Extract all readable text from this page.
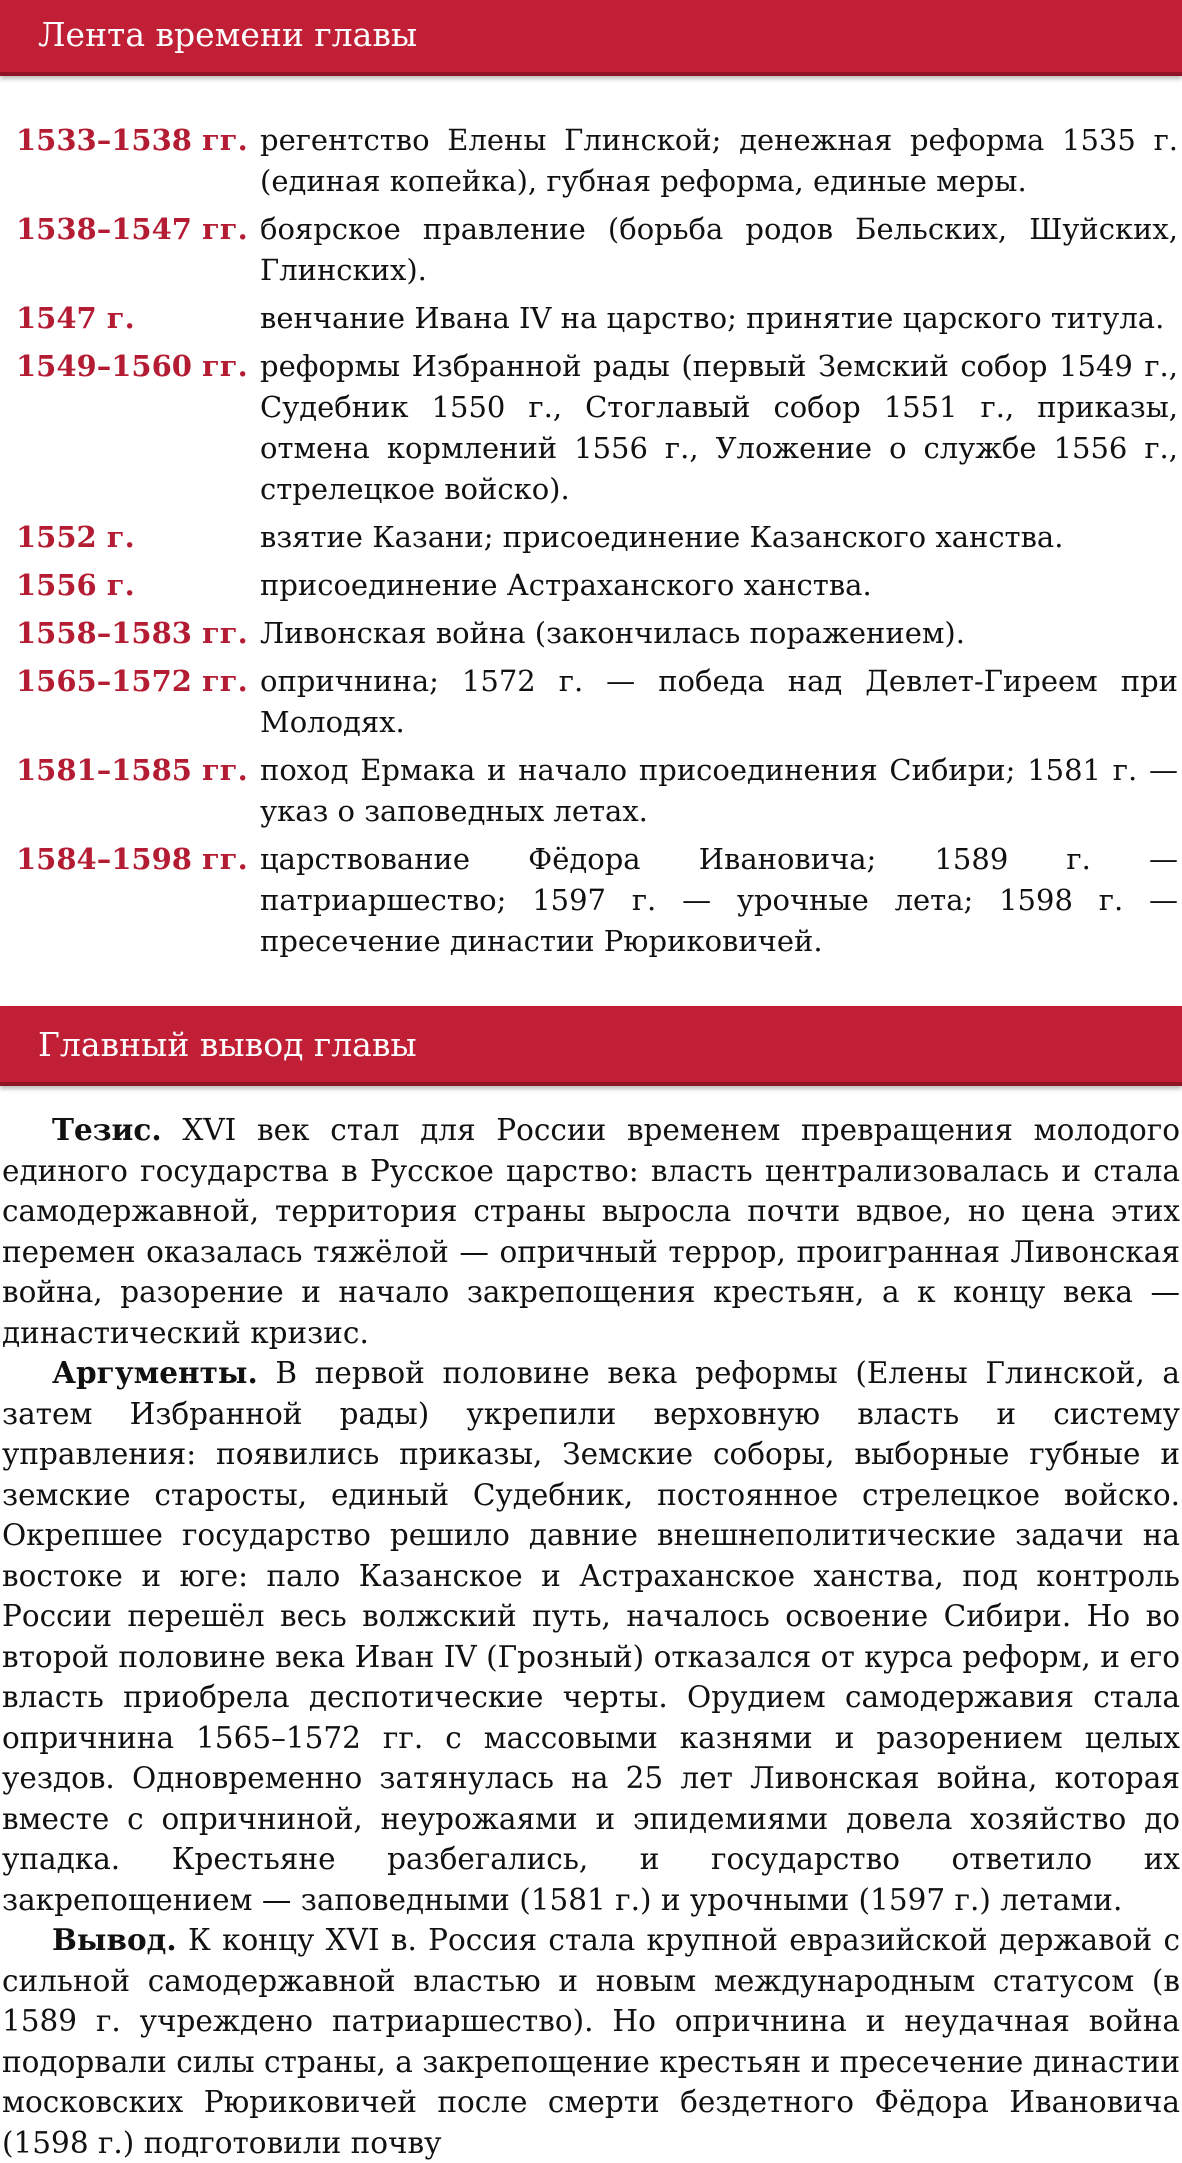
Лента времени главы
1533–1538 гг. регентство Елены Глинской; денежная реформа 1535 г. (единая копейка), губная реформа, единые меры.
1538–1547 гг. боярское правление (борьба родов Бельских, Шуйских, Глинских).
1547 г.	венчание Ивана IV на царство; принятие царского титула.
1549–1560 гг. реформы Избранной рады (первый Земский собор 1549 г., Судебник 1550 г., Стоглавый собор 1551 г., приказы, отмена кормлений 1556 г., Уложение о службе 1556 г., стрелецкое войско).
1552 г.	взятие Казани; присоединение Казанского ханства.
1556 г.	присоединение Астраханского ханства.
1558–1583 гг. Ливонская война (закончилась поражением).
1565–1572 гг. опричнина; 1572 г. — победа над Девлет-Гиреем при Молодях.
1581–1585 гг. поход Ермака и начало присоединения Сибири; 1581 г. — указ о заповедных летах.
1584–1598 гг. царствование Фёдора Ивановича; 1589 г. — патриаршество; 1597 г. — урочные лета; 1598 г. — пресечение династии Рюриковичей.
Главный вывод главы

Тезис. XVI век стал для России временем превращения молодого единого государства в Русское царство: власть централизовалась и стала самодержавной, территория страны выросла почти вдвое, но цена этих перемен оказалась тяжёлой — опричный террор, проигранная Ливонская война, разорение и начало закрепощения крестьян, а к концу века — династический кризис.

Аргументы. В первой половине века реформы (Елены Глинской, а затем Избранной рады) укрепили верховную власть и систему управления: появились приказы, Земские соборы, выборные губные и земские старосты, единый Судебник, постоянное стрелецкое войско. Окрепшее государство решило давние внешнеполитические задачи на востоке и юге: пало Казанское и Астраханское ханства, под контроль России перешёл весь волжский путь, началось освоение Сибири. Но во второй половине века Иван IV (Грозный) отказался от курса реформ, и его власть приобрела деспотические черты. Орудием самодержавия стала опричнина 1565–1572 гг. с массовыми казнями и разорением целых уездов. Одновременно затянулась на 25 лет Ливонская война, которая вместе с опричниной, неурожаями и эпидемиями довела хозяйство до упадка. Крестьяне разбегались, и государство ответило их закрепощением — заповедными (1581 г.) и урочными (1597 г.) летами.

Вывод. К концу XVI в. Россия стала крупной евразийской державой с сильной самодержавной властью и новым международным статусом (в 1589 г. учреждено патриаршество). Но опричнина и неудачная война подорвали силы страны, а закрепощение крестьян и пресечение династии московских Рюриковичей после смерти бездетного Фёдора Ивановича (1598 г.) подготовили почву
